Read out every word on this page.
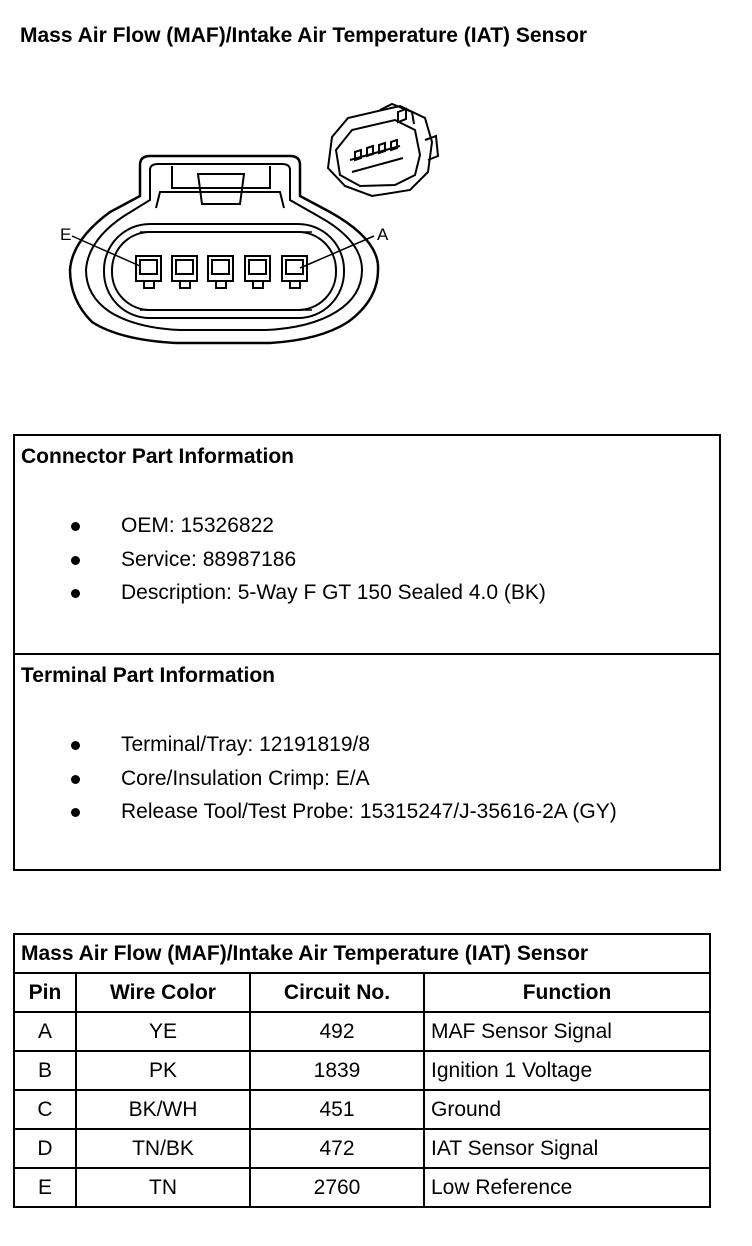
Mass Air Flow (MAF)/Intake Air Temperature (IAT) Sensor
E	A
Connector Part Information
OEM: 15326822
Service: 88987186
Description: 5-Way F GT 150 Sealed 4.0 (BK)
Terminal Part Information
Terminal/Tray: 12191819/8
Core/Insulation Crimp: E/A
Release Tool/Test Probe: 15315247/J-35616-2A (GY)
Mass Air Flow (MAF)/Intake Air Temperature (IAT) Sensor			
Pin	Wire Color	Circuit No.	Function
A	YE	492	MAF Sensor Signal
B	PK	1839	Ignition 1 Voltage
C	BK/WH	451	Ground
D	TN/BK	472	IAT Sensor Signal
E	TN	2760	Low Reference
